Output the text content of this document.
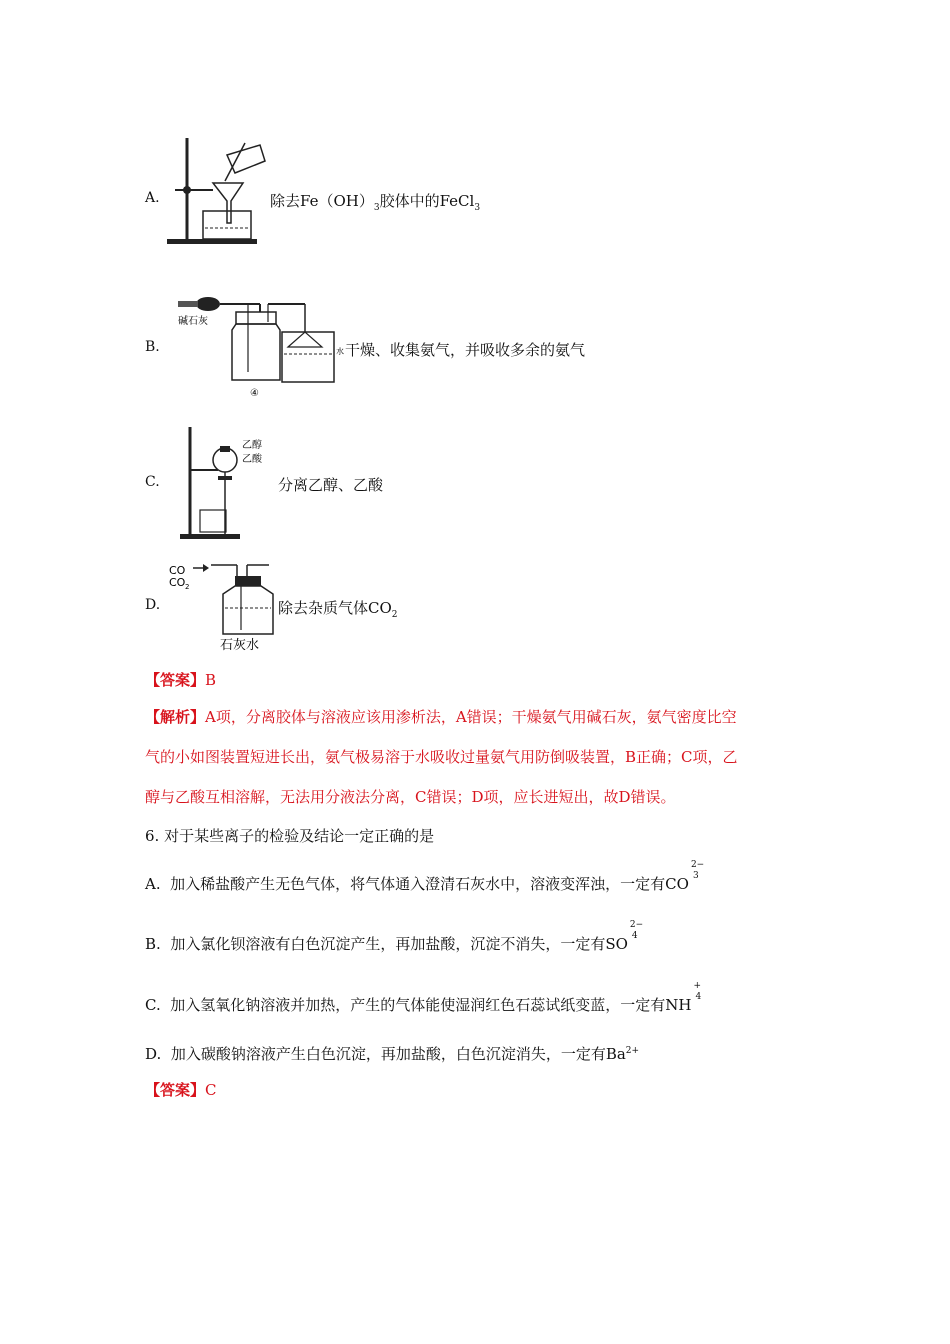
A.	除去$Fe(OH)_3$胶体中的FeCl$_3$
B.
碱石灰
④
水 干燥、收集氨气，并吸收多余的氨气
C.
乙醇
乙酸
分离乙醇、乙酸
D.
CO
CO 2
石灰水
除去杂质气体$CO_2$
【答案】B
【解析】A项，分离胶体与溶液应该用渗析法，A错误；干燥氨气用碱石灰，氨气密度比空
气的小如图装置短进长出，氨气极易溶于水吸收过量氨气用防倒吸装置，B正确；C项，乙
醇与乙酸互相溶解，无法用分液法分离，C错误；D项，应长进短出，故D错误。
6. 对于某些离子的检验及结论一定正确的是
A. 加入稀盐酸产生无色气体，将气体通入澄清石灰水中，溶液变浑浊，一定有CO
2−
3

B. 加入氯化钡溶液有白色沉淀产生，再加盐酸，沉淀不消失，一定有SO
2−
4

C. 加入氢氧化钠溶液并加热，产生的气体能使湿润红色石蕊试纸变蓝，一定有NH
+
4

D. 加入碳酸钠溶液产生白色沉淀，再加盐酸，白色沉淀消失，一定有$Ba^{2+}$
【答案】C
